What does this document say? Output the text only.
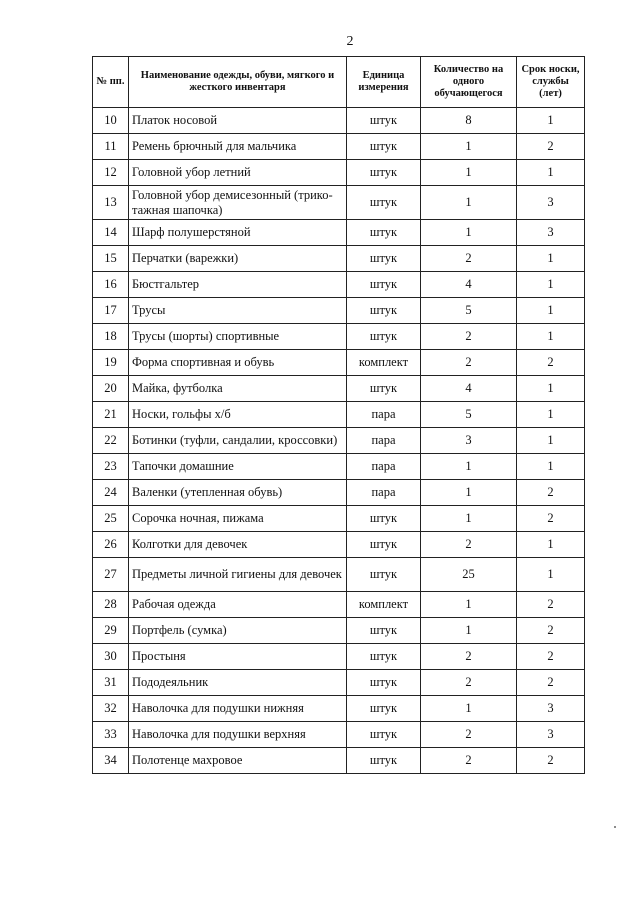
2
№ пп.	Наименование одежды, обуви, мягкого и жесткого инвентаря	Единица измерения	Количество на одного обучающегося	Срок носки, службы (лет)
10	Платок носовой	штук	8	1
11	Ремень брючный для мальчика	штук	1	2
12	Головной убор летний	штук	1	1
13	Головной убор демисезонный (трико-тажная шапочка)	штук	1	3
14	Шарф полушерстяной	штук	1	3
15	Перчатки (варежки)	штук	2	1
16	Бюстгальтер	штук	4	1
17	Трусы	штук	5	1
18	Трусы (шорты) спортивные	штук	2	1
19	Форма спортивная и обувь	комплект	2	2
20	Майка, футболка	штук	4	1
21	Носки, гольфы х/б	пара	5	1
22	Ботинки (туфли, сандалии, кроссовки)	пара	3	1
23	Тапочки домашние	пара	1	1
24	Валенки (утепленная обувь)	пара	1	2
25	Сорочка ночная, пижама	штук	1	2
26	Колготки для девочек	штук	2	1
27	Предметы личной гигиены для девочек	штук	25	1
28	Рабочая одежда	комплект	1	2
29	Портфель (сумка)	штук	1	2
30	Простыня	штук	2	2
31	Пододеяльник	штук	2	2
32	Наволочка для подушки нижняя	штук	1	3
33	Наволочка для подушки верхняя	штук	2	3
34	Полотенце махровое	штук	2	2
